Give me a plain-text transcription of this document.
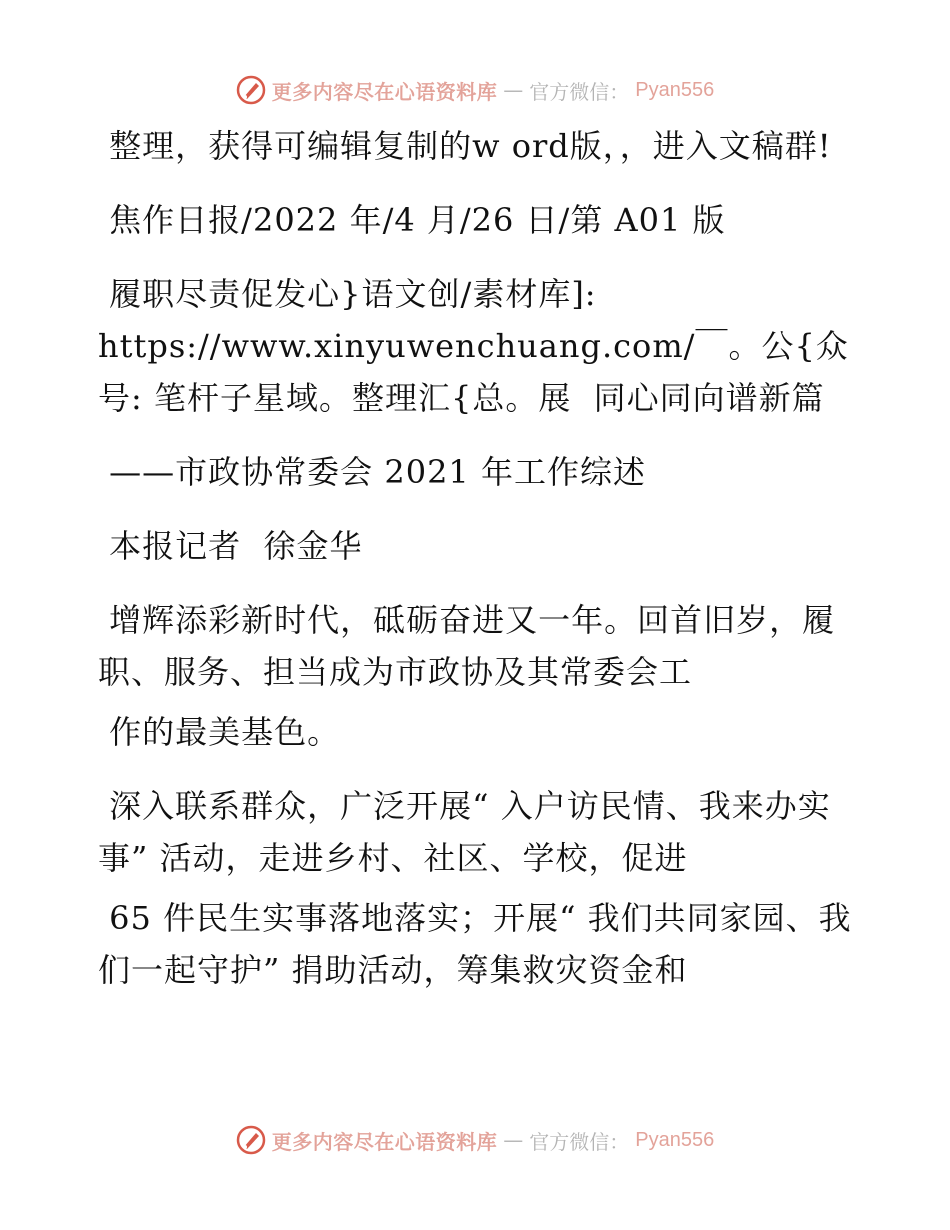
更多内容尽在心语资料库 — 官方微信： Pyan556

整理，获得可编辑复制的w ord版，，进入文稿群!

焦作日报/2022 年/4 月/26 日/第 A01 版

履职尽责促发心}语文创/素材库]: https://www.xinyuwenchuang.com/￣。公{众号: 笔杆子星域。整理汇{总。展  同心同向谱新篇

——市政协常委会 2021 年工作综述

本报记者  徐金华

增辉添彩新时代，砥砺奋进又一年。回首旧岁，履职、服务、担当成为市政协及其常委会工

作的最美基色。

深入联系群众，广泛开展“ 入户访民情、我来办实事” 活动，走进乡村、社区、学校，促进

65 件民生实事落地落实；开展“ 我们共同家园、我们一起守护” 捐助活动，筹集救灾资金和

更多内容尽在心语资料库 — 官方微信： Pyan556
